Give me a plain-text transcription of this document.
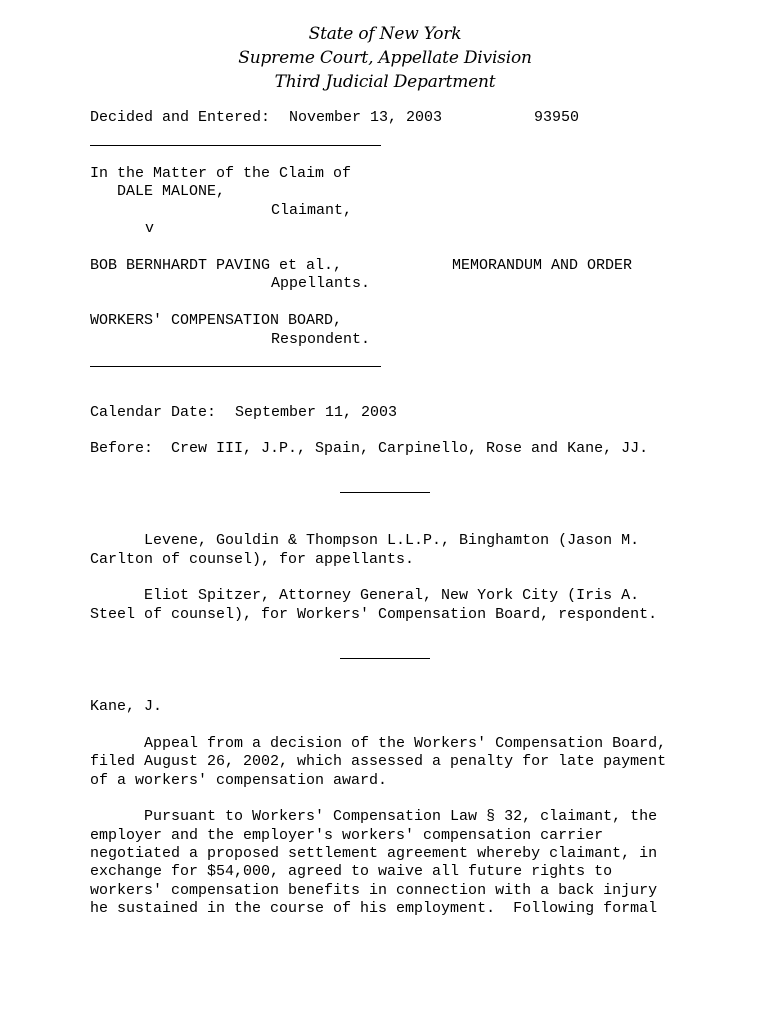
State of New York
Supreme Court, Appellate Division
Third Judicial Department
Decided and Entered: November 13, 2003	93950
In the Matter of the Claim of
DALE MALONE,
Claimant,
v
BOB BERNHARDT PAVING et al.,	MEMORANDUM AND ORDER
Appellants.
WORKERS' COMPENSATION BOARD,
Respondent.
Calendar Date: September 11, 2003
Before: Crew III, J.P., Spain, Carpinello, Rose and Kane, JJ.
Levene, Gouldin & Thompson L.L.P., Binghamton (Jason M.
Carlton of counsel), for appellants.
Eliot Spitzer, Attorney General, New York City (Iris A.
Steel of counsel), for Workers' Compensation Board, respondent.
Kane, J.
Appeal from a decision of the Workers' Compensation Board,
filed August 26, 2002, which assessed a penalty for late payment
of a workers' compensation award.
Pursuant to Workers' Compensation Law § 32, claimant, the
employer and the employer's workers' compensation carrier
negotiated a proposed settlement agreement whereby claimant, in
exchange for $54,000, agreed to waive all future rights to
workers' compensation benefits in connection with a back injury
he sustained in the course of his employment.  Following formal
